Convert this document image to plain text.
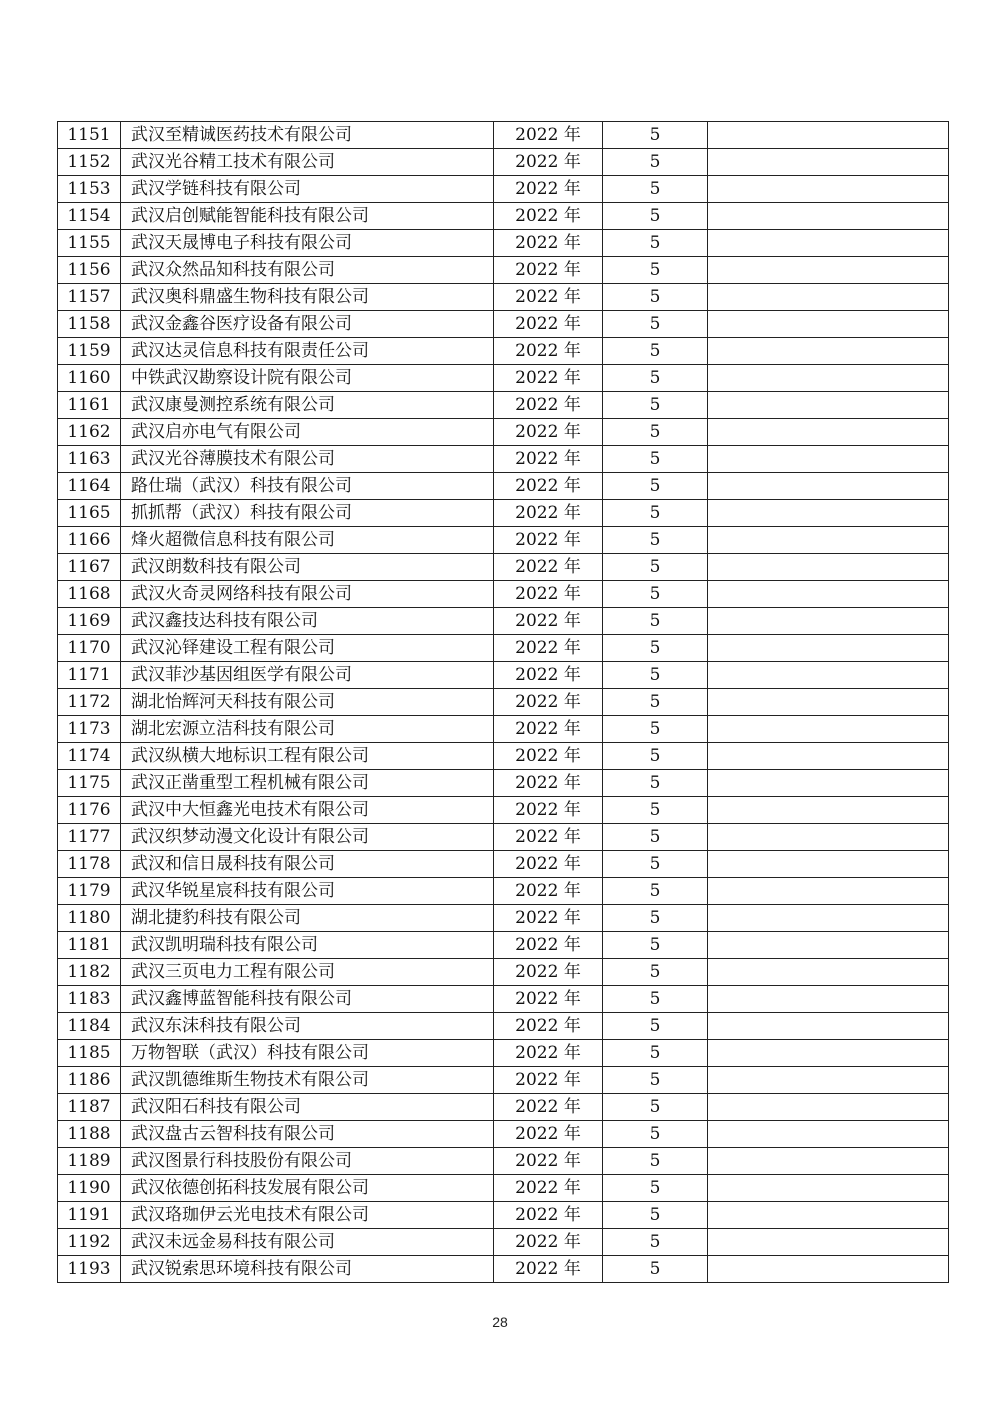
1151	武汉至精诚医药技术有限公司	2022 年	5	
1152	武汉光谷精工技术有限公司	2022 年	5	
1153	武汉学链科技有限公司	2022 年	5	
1154	武汉启创赋能智能科技有限公司	2022 年	5	
1155	武汉天晟博电子科技有限公司	2022 年	5	
1156	武汉众然品知科技有限公司	2022 年	5	
1157	武汉奥科鼎盛生物科技有限公司	2022 年	5	
1158	武汉金鑫谷医疗设备有限公司	2022 年	5	
1159	武汉达灵信息科技有限责任公司	2022 年	5	
1160	中铁武汉勘察设计院有限公司	2022 年	5	
1161	武汉康曼测控系统有限公司	2022 年	5	
1162	武汉启亦电气有限公司	2022 年	5	
1163	武汉光谷薄膜技术有限公司	2022 年	5	
1164	路仕瑞（武汉）科技有限公司	2022 年	5	
1165	抓抓帮（武汉）科技有限公司	2022 年	5	
1166	烽火超微信息科技有限公司	2022 年	5	
1167	武汉朗数科技有限公司	2022 年	5	
1168	武汉火奇灵网络科技有限公司	2022 年	5	
1169	武汉鑫技达科技有限公司	2022 年	5	
1170	武汉沁铎建设工程有限公司	2022 年	5	
1171	武汉菲沙基因组医学有限公司	2022 年	5	
1172	湖北怡辉河天科技有限公司	2022 年	5	
1173	湖北宏源立洁科技有限公司	2022 年	5	
1174	武汉纵横大地标识工程有限公司	2022 年	5	
1175	武汉正凿重型工程机械有限公司	2022 年	5	
1176	武汉中大恒鑫光电技术有限公司	2022 年	5	
1177	武汉织梦动漫文化设计有限公司	2022 年	5	
1178	武汉和信日晟科技有限公司	2022 年	5	
1179	武汉华锐星宸科技有限公司	2022 年	5	
1180	湖北捷豹科技有限公司	2022 年	5	
1181	武汉凯明瑞科技有限公司	2022 年	5	
1182	武汉三页电力工程有限公司	2022 年	5	
1183	武汉鑫博蓝智能科技有限公司	2022 年	5	
1184	武汉东沫科技有限公司	2022 年	5	
1185	万物智联（武汉）科技有限公司	2022 年	5	
1186	武汉凯德维斯生物技术有限公司	2022 年	5	
1187	武汉阳石科技有限公司	2022 年	5	
1188	武汉盘古云智科技有限公司	2022 年	5	
1189	武汉图景行科技股份有限公司	2022 年	5	
1190	武汉依德创拓科技发展有限公司	2022 年	5	
1191	武汉珞珈伊云光电技术有限公司	2022 年	5	
1192	武汉未远金易科技有限公司	2022 年	5	
1193	武汉锐索思环境科技有限公司	2022 年	5	
28
